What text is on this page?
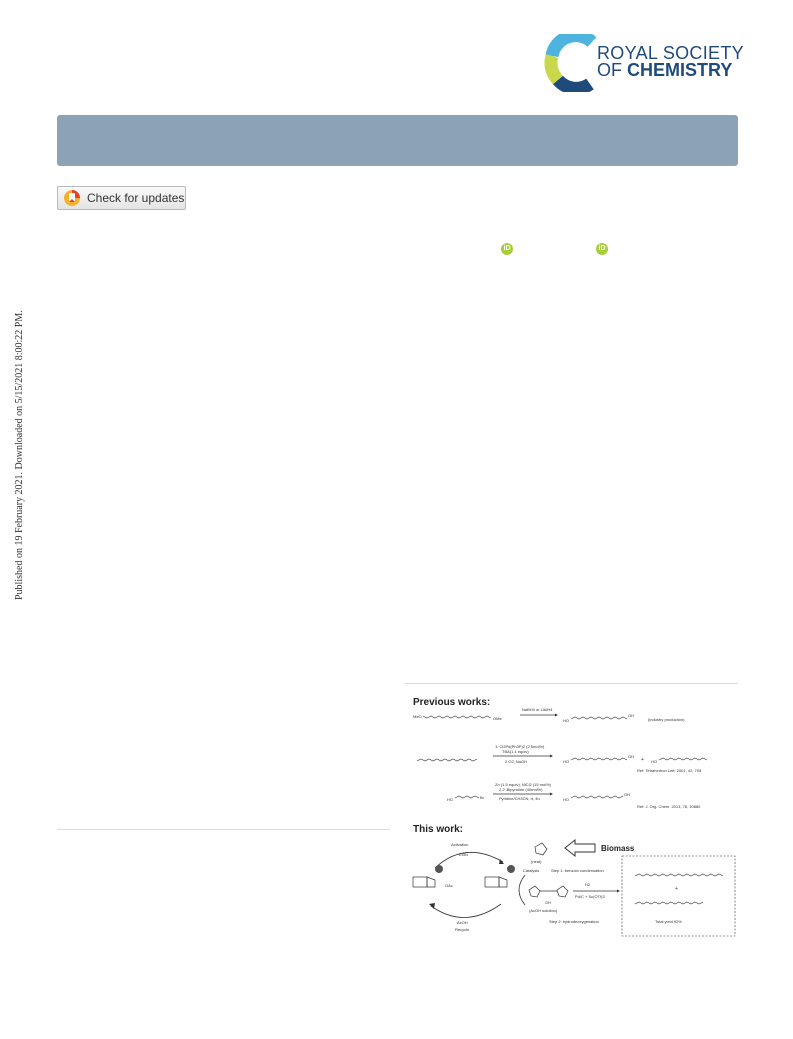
ROYAL SOCIETY
OF CHEMISTRY
Check for updates
iD	iD
Published on 19 February 2021. Downloaded on 5/15/2021 8:00:22 PM.
Previous works:
MeO	OMe
NaBH4 or LiAlH4
HO
OH
(industry production)
1. Cl2Pd(Ph3P)2 (2.5mol%)
TBA(1.1 equiv)
2.O2, NaOH	HO
OH
+ HO
Ref: Tetrahedron Lett. 2001, 42, 705
HO	Br
Zn (1.5 equiv), NiCl2 (15 mol%)
2,2'-Bipyridine (40mol%)
Pyridine/CH3CN, rt, 4h	HO
OH
Ref: J. Org. Chem. 2013, 78, 10880
This work:
Activation
Et3N
OAc
AcOH
Recycle
(neat)
Biomass
Catalysis	Step 1: benzoin condensation
OH
(AcOH solution)
H2
Pd/C + Sc(OTf)3
Step 2: hydrodeoxygenation
+
Total yield 92%
